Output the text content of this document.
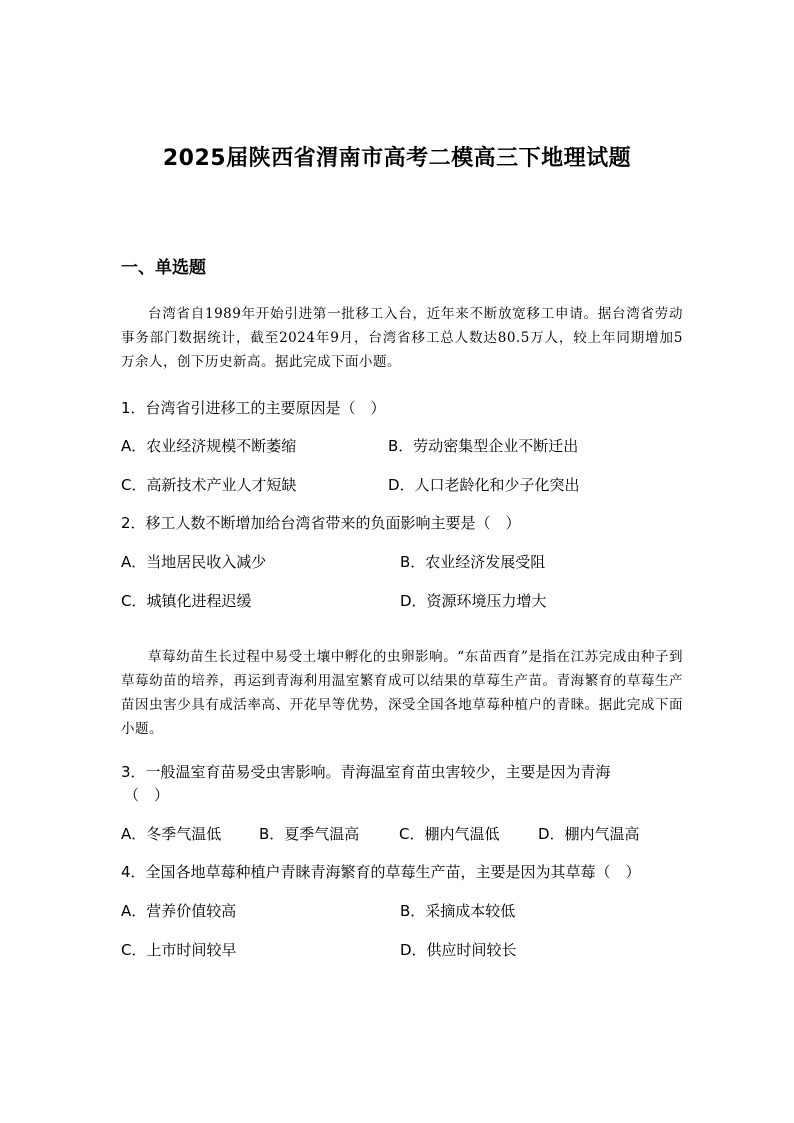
2025届陕西省渭南市高考二模高三下地理试题
一、单选题
台湾省自1989年开始引进第一批移工入台，近年来不断放宽移工申请。据台湾省劳动事务部门数据统计，截至2024年9月，台湾省移工总人数达80.5万人，较上年同期增加5万余人，创下历史新高。据此完成下面小题。
1．台湾省引进移工的主要原因是（　）
A．农业经济规模不断萎缩	B．劳动密集型企业不断迁出
C．高新技术产业人才短缺	D．人口老龄化和少子化突出
2．移工人数不断增加给台湾省带来的负面影响主要是（　）
A．当地居民收入减少	B．农业经济发展受阻
C．城镇化进程迟缓	D．资源环境压力增大
草莓幼苗生长过程中易受土壤中孵化的虫卵影响。“东苗西育”是指在江苏完成由种子到草莓幼苗的培养，再运到青海利用温室繁育成可以结果的草莓生产苗。青海繁育的草莓生产苗因虫害少具有成活率高、开花早等优势，深受全国各地草莓种植户的青睐。据此完成下面小题。
3．一般温室育苗易受虫害影响。青海温室育苗虫害较少，主要是因为青海
（　）
A．冬季气温低	B．夏季气温高	C．棚内气温低	D．棚内气温高
4．全国各地草莓种植户青睐青海繁育的草莓生产苗，主要是因为其草莓（　）
A．营养价值较高	B．采摘成本较低
C．上市时间较早	D．供应时间较长
